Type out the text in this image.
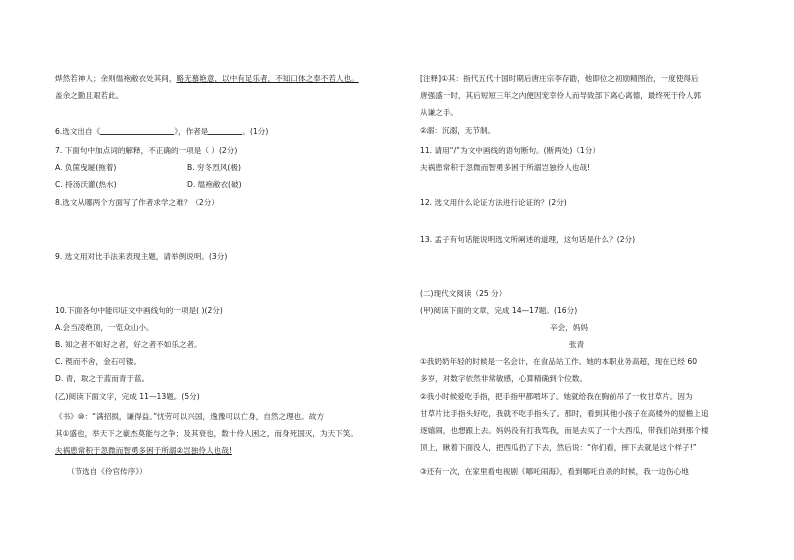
烨然若神人；余则缊袍敝衣处其间，略无慕艳意，以中有足乐者，不知口体之奉不若人也。
盖余之勤且艰若此。
6.选文出自《	》，作者是	。(1分)
7. 下面句中加点词的解释，不正确的一项是（ ）(2分)
A. 负箧曳屣(拖着)	B. 穷冬烈风(极)
C. 持汤沃灌(热水)	D. 缊袍敝衣(破)
8.选文从哪两个方面写了作者求学之难？（2分）
9. 选文用对比手法来表现主题，请举例说明。(3分)
10.下面各句中能印证文中画线句的一项是( )(2分)
A.会当凌绝顶，一览众山小。
B. 知之者不如好之者，好之者不如乐之者。
C. 锲而不舍，金石可镂。
D. 青，取之于蓝而青于蓝。
(乙)阅读下面文字，完成 11—13题。(5分)
《书》⑩：“满招损，谦得益。”忧劳可以兴国，逸豫可以亡身，自然之理也。故方
其①盛也，举天下之豪杰莫能与之争；及其衰也，数十伶人困之，而身死国灭，为天下笑。
夫祸患常积于忽微而智勇多困于所溺②岂独伶人也哉!
（节选自《伶官传序》）
[注释]①其：指代五代十国时期后唐庄宗李存勖，他即位之初励精图治，一度使得后
唐强盛一时，其后短短三年之内便因宠幸伶人而导致部下离心离德，最终死于伶人郭
从谦之手。
②溺：沉溺，无节制。
11. 请用“/”为文中画线的语句断句。(断两处)（1分）
夫祸患常积于忽微而智勇多困于所溺岂独伶人也哉!
12. 选文用什么论证方法进行论证的？(2分)
13. 孟子有句话能说明选文所阐述的道理，这句话是什么？(2分)
(二)现代文阅读（25 分）
(甲)阅读下面的文章，完成 14—17题。(16分)
辛会，妈妈
张青
①我奶奶年轻的时候是一名会计，在食品站工作。她的本职业务高超，现在已经 60
多岁，对数字依然非常敏感，心算精确到个位数。
②我小时候爱吃手指，把手指甲都啃坏了。她就给我在胸前吊了一枚甘草片。因为
甘草片比手指头好吃，我就不吃手指头了。那时，看到其他小孩子在高楼外的屋檐上追
逐嬉闹，也想跟上去。妈妈没有打我骂我，而是去买了一个大西瓜，带我们站到那个楼
顶上，瞅着下面没人，把西瓜扔了下去，然后说：“你们看，摔下去就是这个样子!”
③还有一次，在家里看电视剧《哪吒闹海》，看到哪吒自杀的时候，我一边伤心地
